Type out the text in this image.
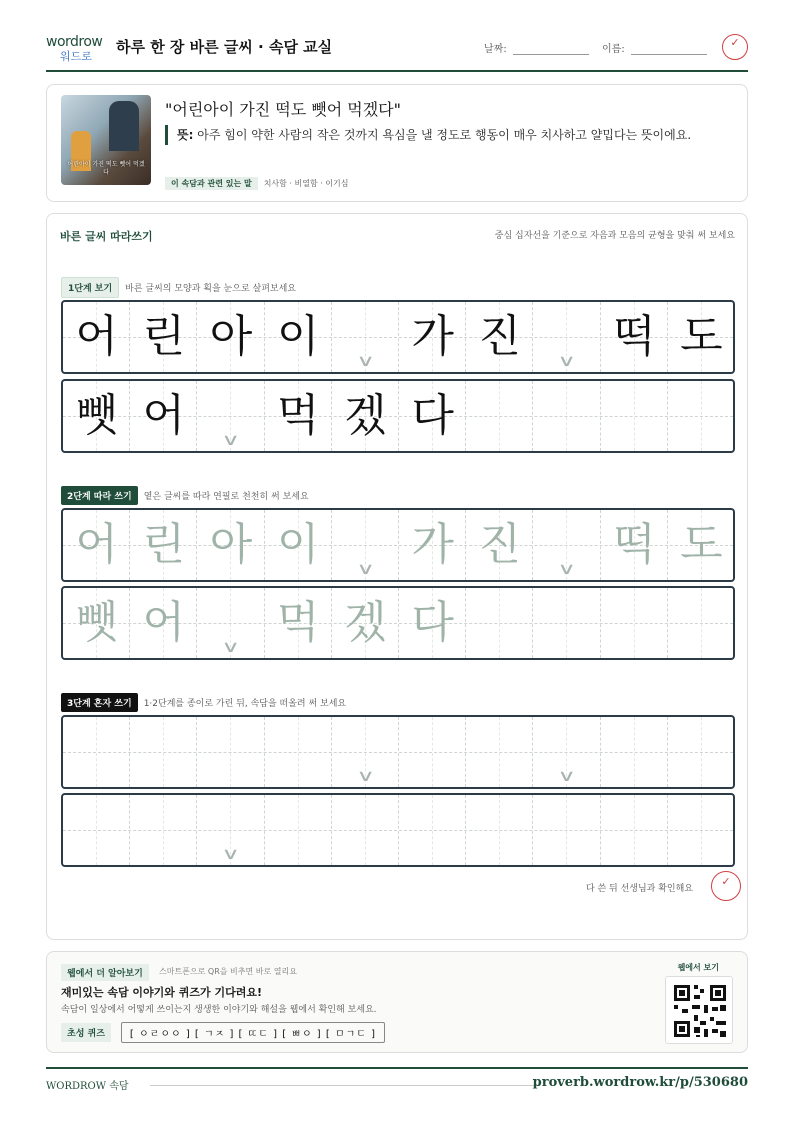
wordrow
워드로
하루 한 장 바른 글씨 · 속담 교실	날짜:	이름:
✓
어린아이 가진 떡도 뺏어 먹겠다
"어린아이 가진 떡도 뺏어 먹겠다"
뜻: 아주 힘이 약한 사람의 작은 것까지 욕심을 낼 정도로 행동이 매우 치사하고 얄밉다는 뜻이에요.
이 속담과 관련 있는 말 치사함 · 비열함 · 이기심
바른 글씨 따라쓰기	중심 십자선을 기준으로 자음과 모음의 균형을 맞춰 써 보세요
1단계 보기	바른 글씨의 모양과 획을 눈으로 살펴보세요
어 린 아 이	∨ 가 진	∨ 떡 도
뺏 어	∨ 먹 겠 다
2단계 따라 쓰기	옅은 글씨를 따라 연필로 천천히 써 보세요
어 린 아 이	∨ 가 진	∨ 떡 도
뺏 어	∨ 먹 겠 다
3단계 혼자 쓰기	1·2단계를 종이로 가린 뒤, 속담을 떠올려 써 보세요
∨	∨
∨
다 쓴 뒤 선생님과 확인해요
✓
웹에서 더 알아보기	스마트폰으로 QR을 비추면 바로 열리요
재미있는 속담 이야기와 퀴즈가 기다려요!
속담이 일상에서 어떻게 쓰이는지 생생한 이야기와 해설을 웹에서 확인해 보세요.
초성 퀴즈	[ ㅇㄹㅇㅇ ] [ ㄱㅈ ] [ ㄸㄷ ] [ ㅃㅇ ] [ ㅁㄱㄷ ]
웹에서 보기
WORDROW 속담	proverb.wordrow.kr/p/530680
